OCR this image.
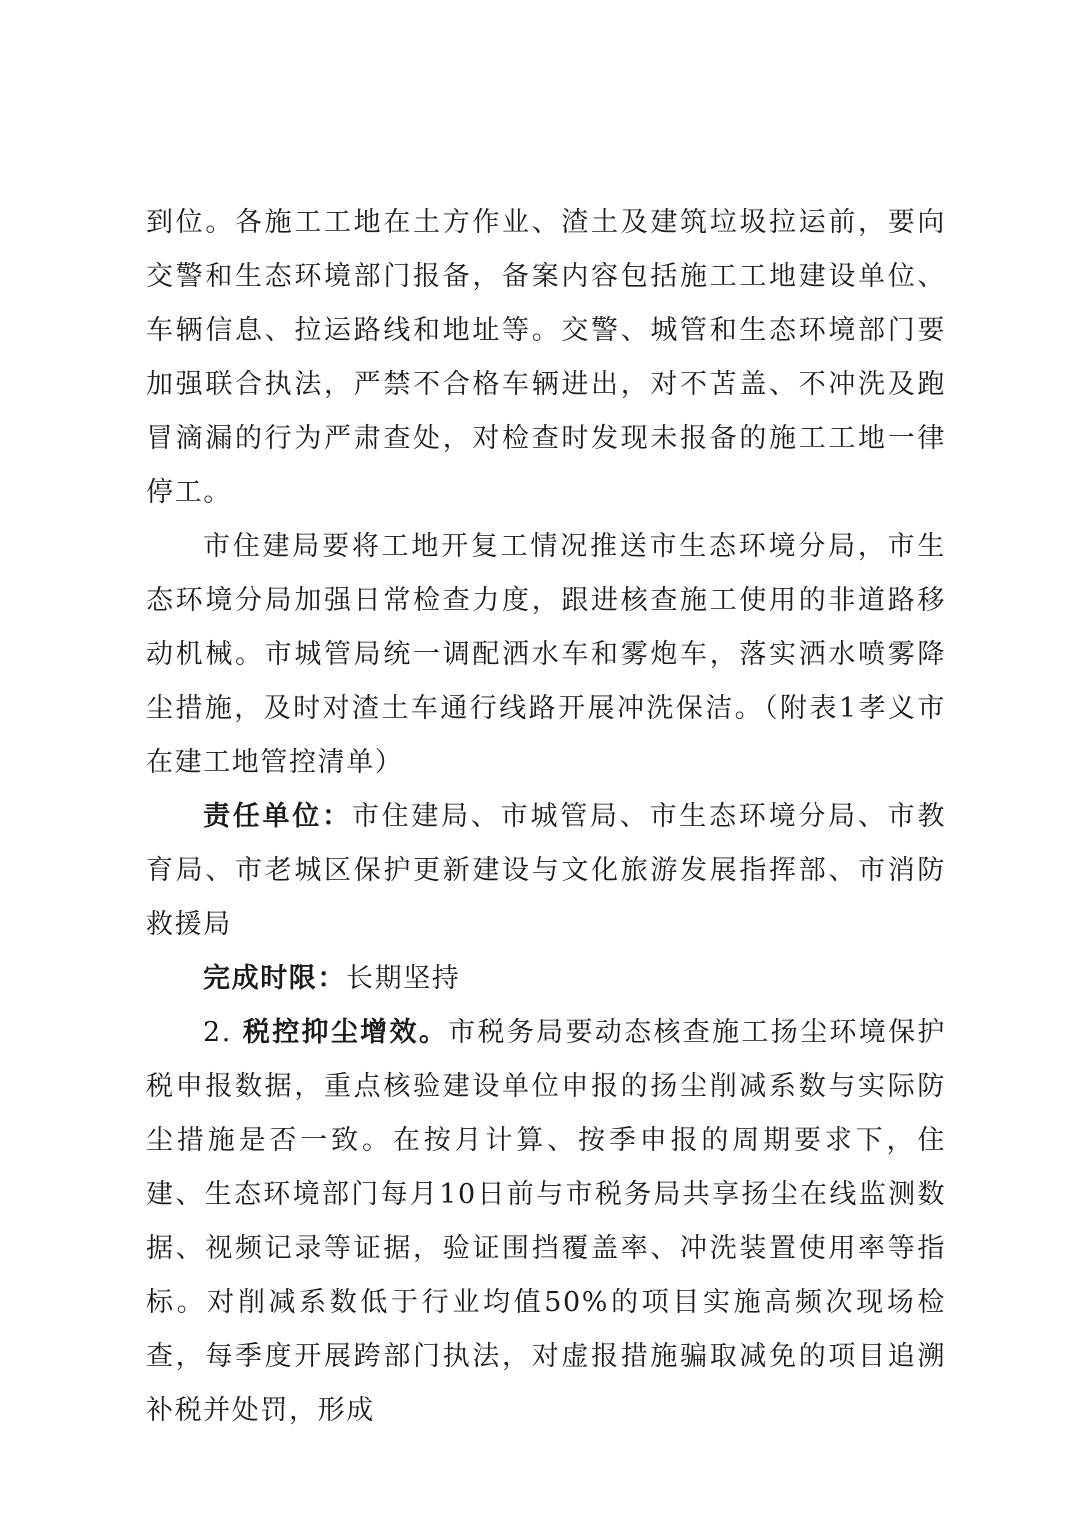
到位。各施工工地在土方作业、渣土及建筑垃圾拉运前，要向交警和生态环境部门报备，备案内容包括施工工地建设单位、车辆信息、拉运路线和地址等。交警、城管和生态环境部门要加强联合执法，严禁不合格车辆进出，对不苫盖、不冲洗及跑冒滴漏的行为严肃查处，对检查时发现未报备的施工工地一律停工。

市住建局要将工地开复工情况推送市生态环境分局，市生态环境分局加强日常检查力度，跟进核查施工使用的非道路移动机械。市城管局统一调配洒水车和雾炮车，落实洒水喷雾降尘措施，及时对渣土车通行线路开展冲洗保洁。（附表1孝义市在建工地管控清单）

责任单位：市住建局、市城管局、市生态环境分局、市教育局、市老城区保护更新建设与文化旅游发展指挥部、市消防救援局

完成时限：长期坚持

2. 税控抑尘增效。市税务局要动态核查施工扬尘环境保护税申报数据，重点核验建设单位申报的扬尘削减系数与实际防尘措施是否一致。在按月计算、按季申报的周期要求下，住建、生态环境部门每月10日前与市税务局共享扬尘在线监测数据、视频记录等证据，验证围挡覆盖率、冲洗装置使用率等指标。对削减系数低于行业均值50%的项目实施高频次现场检查，每季度开展跨部门执法，对虚报措施骗取减免的项目追溯补税并处罚，形成
